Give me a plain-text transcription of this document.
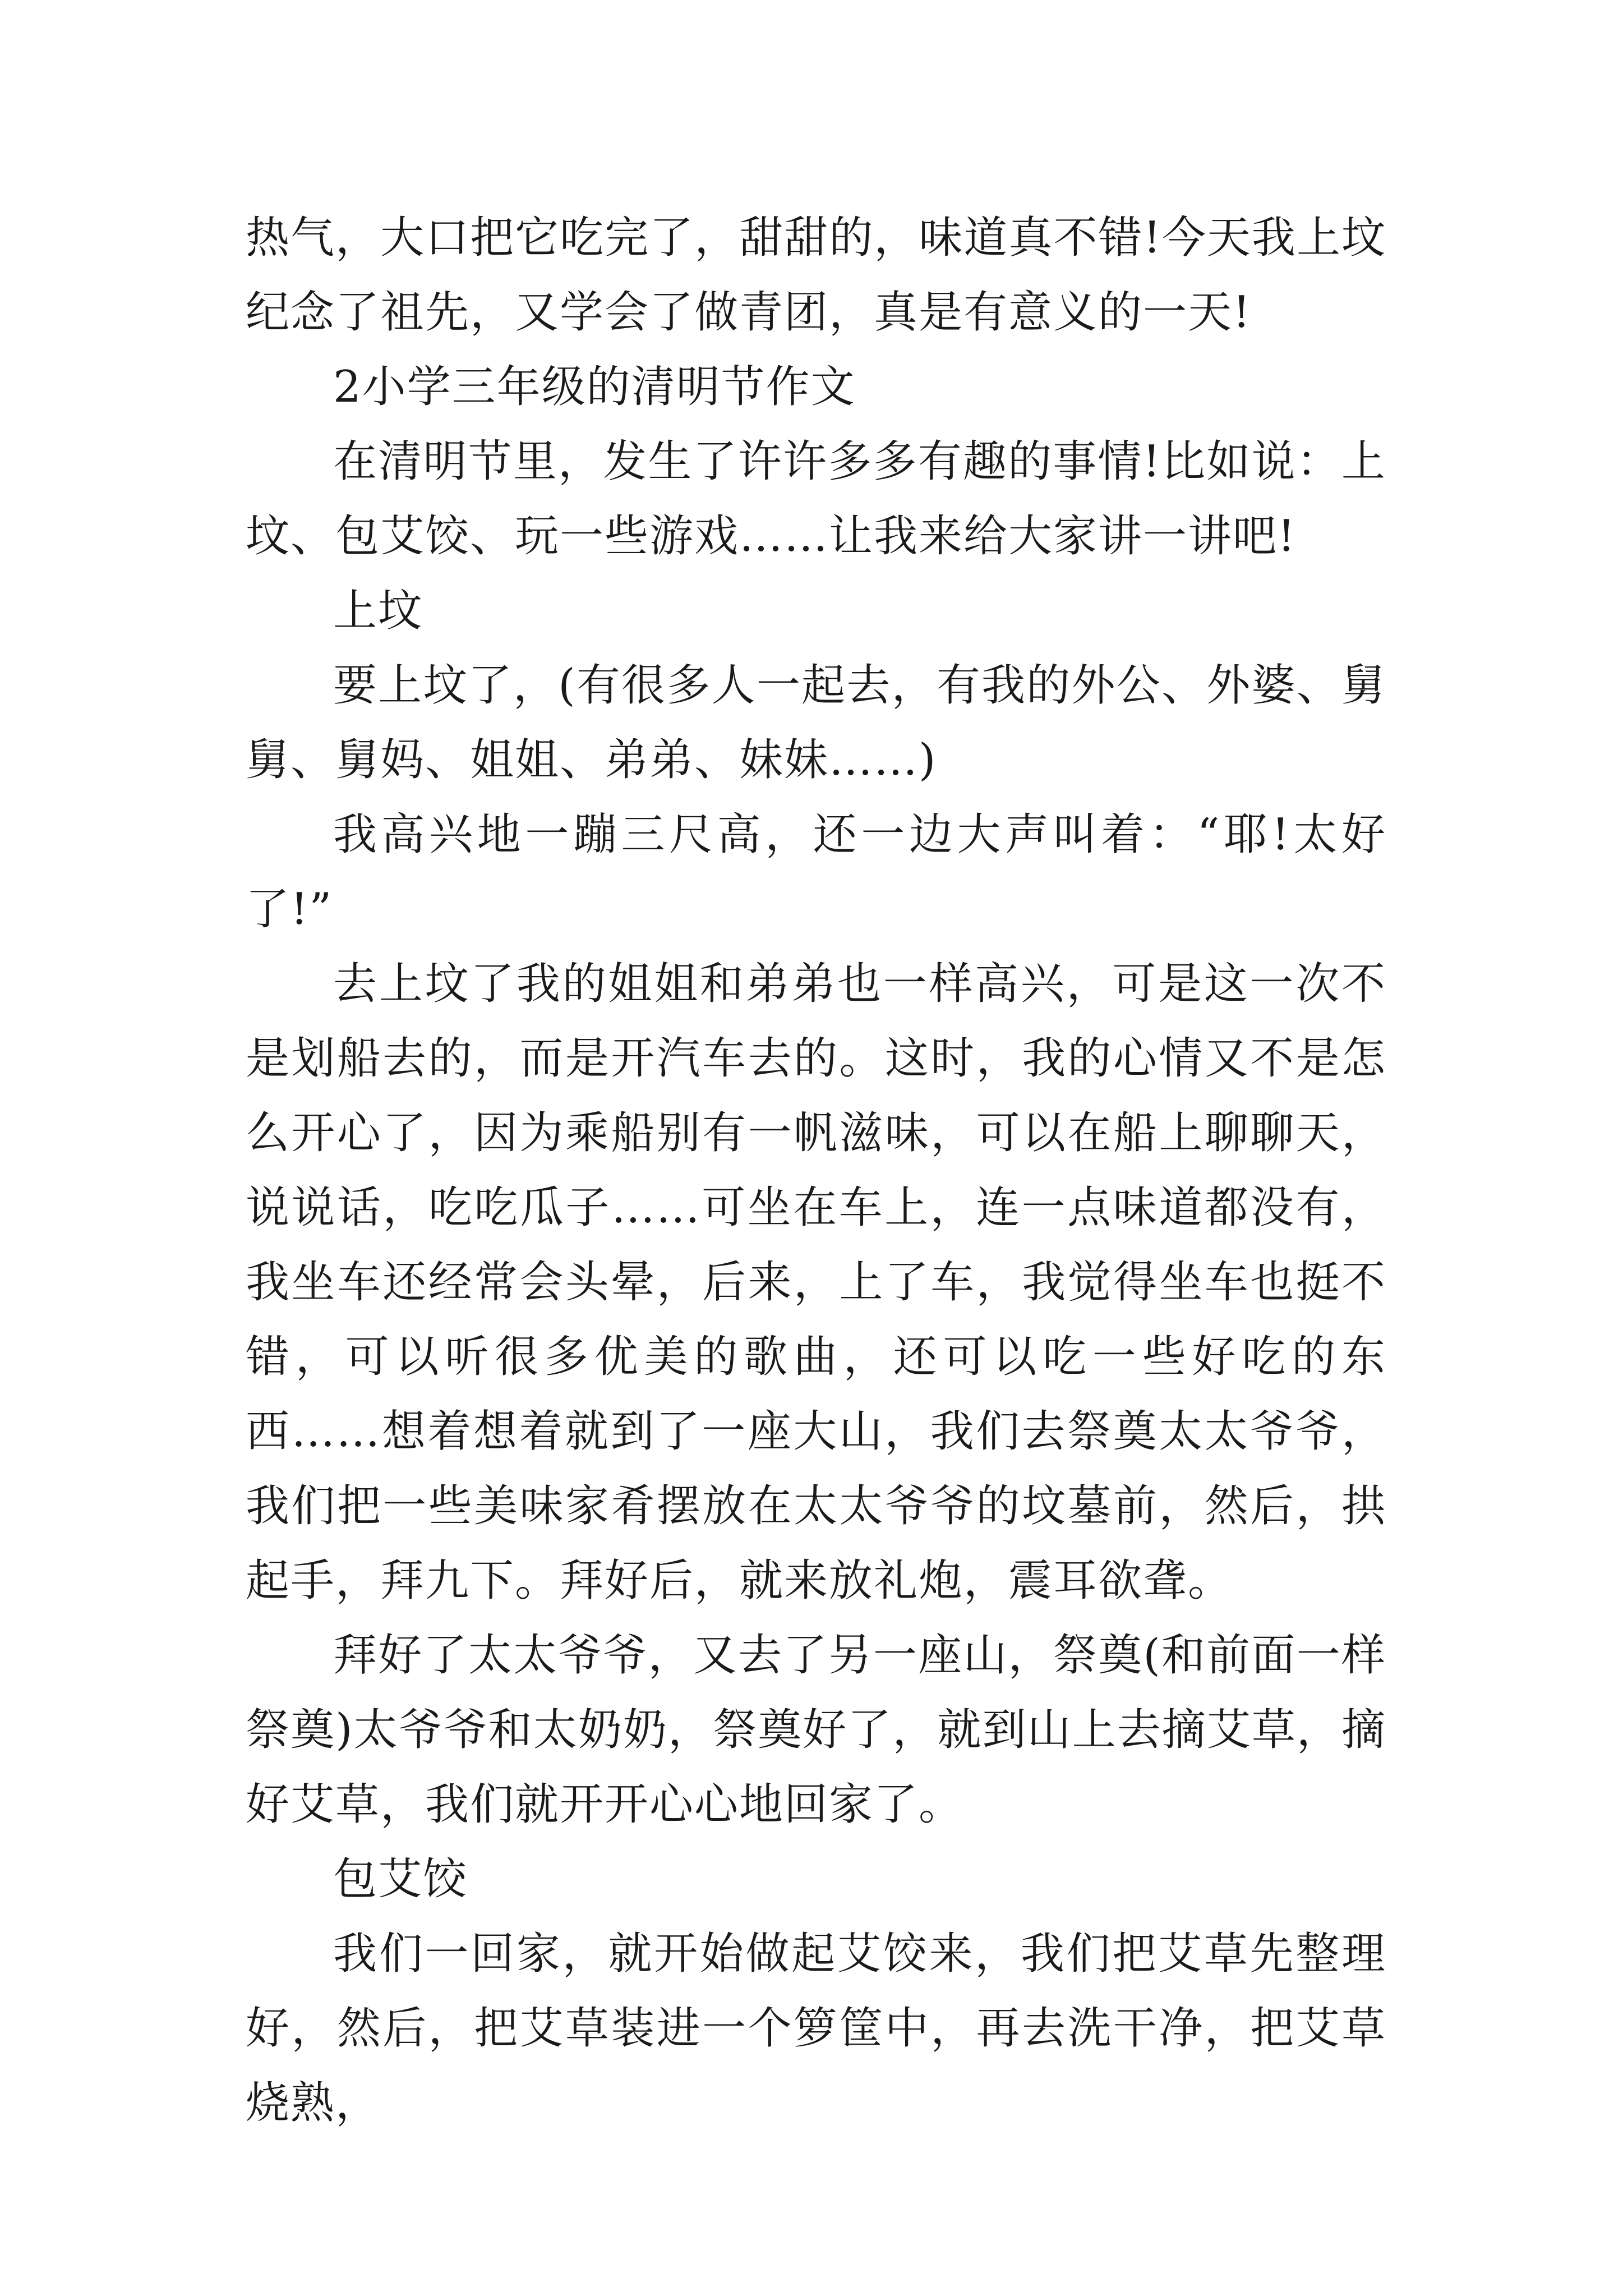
热气，大口把它吃完了，甜甜的，味道真不错!今天我上坟纪念了祖先，又学会了做青团，真是有意义的一天!

2小学三年级的清明节作文

在清明节里，发生了许许多多有趣的事情!比如说：上坟、包艾饺、玩一些游戏……让我来给大家讲一讲吧!

上坟

要上坟了，(有很多人一起去，有我的外公、外婆、舅舅、舅妈、姐姐、弟弟、妹妹……)

我高兴地一蹦三尺高，还一边大声叫着：“耶!太好了!”

去上坟了我的姐姐和弟弟也一样高兴，可是这一次不是划船去的，而是开汽车去的。这时，我的心情又不是怎么开心了，因为乘船别有一帆滋味，可以在船上聊聊天，说说话，吃吃瓜子……可坐在车上，连一点味道都没有，我坐车还经常会头晕，后来，上了车，我觉得坐车也挺不错，可以听很多优美的歌曲，还可以吃一些好吃的东西……想着想着就到了一座大山，我们去祭奠太太爷爷，我们把一些美味家肴摆放在太太爷爷的坟墓前，然后，拱起手，拜九下。拜好后，就来放礼炮，震耳欲聋。

拜好了太太爷爷，又去了另一座山，祭奠(和前面一样祭奠)太爷爷和太奶奶，祭奠好了，就到山上去摘艾草，摘好艾草，我们就开开心心地回家了。

包艾饺

我们一回家，就开始做起艾饺来，我们把艾草先整理好，然后，把艾草装进一个箩筐中，再去洗干净，把艾草烧熟，
